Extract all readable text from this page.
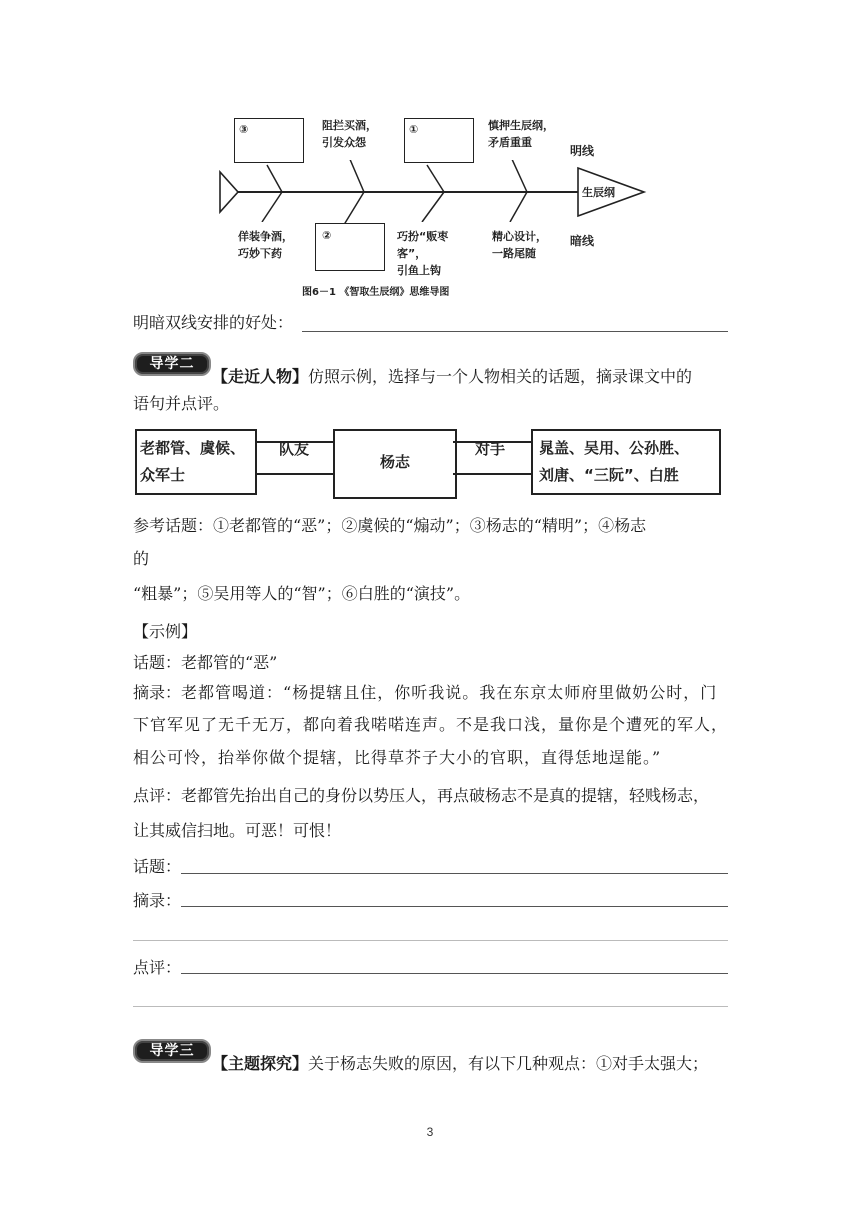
③	阻拦买酒，
引发众怨
①	慎押生辰纲，
矛盾重重
佯装争酒，
巧妙下药
②	巧扮“贩枣客”，
引鱼上钩
精心设计，
一路尾随
生辰纲
明线
暗线
图6－1 《智取生辰纲》思维导图
明暗双线安排的好处：
导学二
【走近人物】仿照示例，选择与一个人物相关的话题，摘录课文中的
语句并点评。
老都管、虞候、
众军士
队友
杨志
对手	晁盖、吴用、公孙胜、
刘唐、“三阮”、白胜
参考话题：①老都管的“恶”；②虞候的“煽动”；③杨志的“精明”；④杨志
的
“粗暴”；⑤吴用等人的“智”；⑥白胜的“演技”。
【示例】
话题：老都管的“恶”
摘录：老都管喝道：“杨提辖且住，你听我说。我在东京太师府里做奶公时，门
下官军见了无千无万，都向着我喏喏连声。不是我口浅，量你是个遭死的军人，
相公可怜，抬举你做个提辖，比得草芥子大小的官职，直得恁地逞能。”
点评：老都管先抬出自己的身份以势压人，再点破杨志不是真的提辖，轻贱杨志，
让其威信扫地。可恶！可恨！
话题：
摘录：
点评：
导学三
【主题探究】关于杨志失败的原因，有以下几种观点：①对手太强大；
3
